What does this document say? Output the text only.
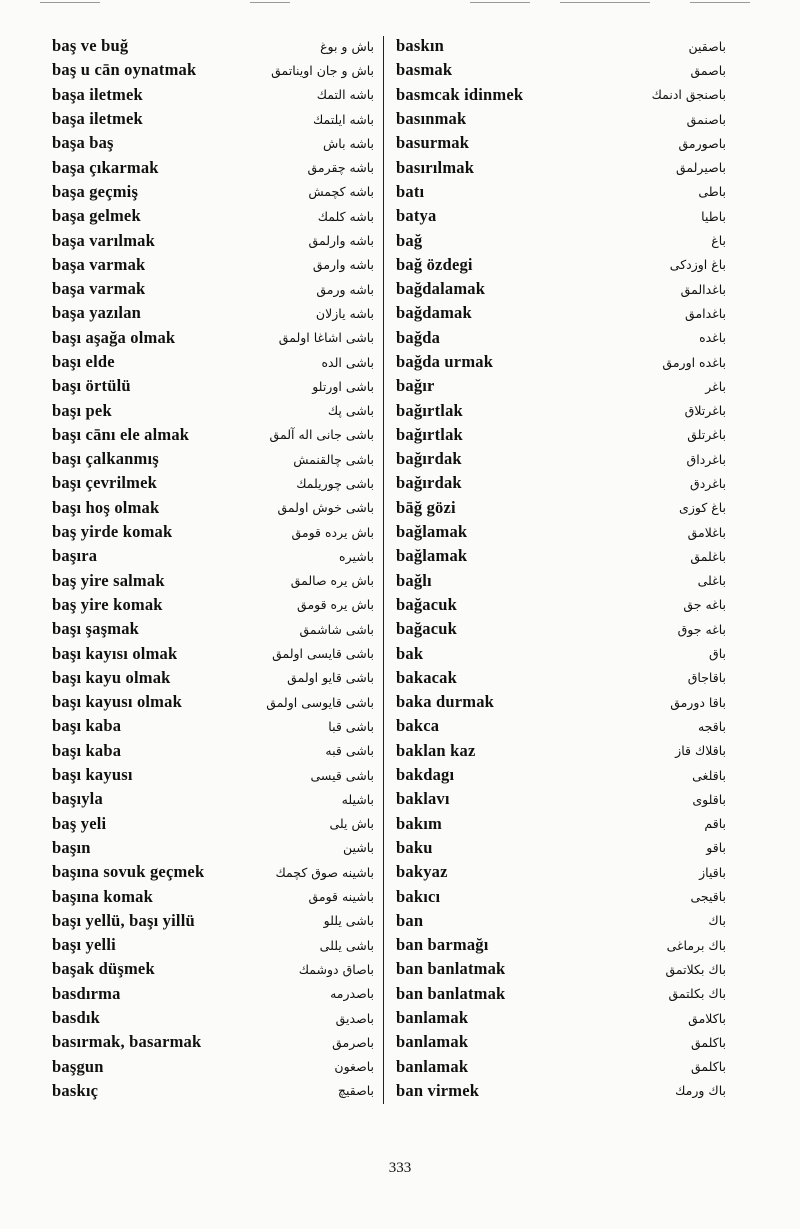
baş ve buğ	باش و بوغ
baş u cān oynatmak	باش و جان اويناتمق
başa iletmek	باشه التمك
başa iletmek	باشه ايلتمك
başa baş	باشه باش
başa çıkarmak	باشه چقرمق
başa geçmiş	باشه كچمش
başa gelmek	باشه كلمك
başa varılmak	باشه وارلمق
başa varmak	باشه وارمق
başa varmak	باشه ورمق
başa yazılan	باشه يازلان
başı aşağa olmak	باشى اشاغا اولمق
başı elde	باشى الده
başı örtülü	باشى اورتلو
başı pek	باشى پك
başı cānı ele almak	باشى جانى اله آلمق
başı çalkanmış	باشى چالقنمش
başı çevrilmek	باشى چوريلمك
başı hoş olmak	باشى خوش اولمق
baş yirde komak	باش يرده قومق
başıra	باشيره
baş yire salmak	باش يره صالمق
baş yire komak	باش يره قومق
başı şaşmak	باشى شاشمق
başı kayısı olmak	باشى قايسى اولمق
başı kayu olmak	باشى قايو اولمق
başı kayusı olmak	باشى قايوسى اولمق
başı kaba	باشى قبا
başı kaba	باشى قبه
başı kayusı	باشى قيسى
başıyla	باشيله
baş yeli	باش يلى
başın	باشين
başına sovuk geçmek	باشينه صوق كچمك
başına komak	باشينه قومق
başı yellü, başı yillü	باشى يللو
başı yelli	باشى يللى
başak düşmek	باصاق دوشمك
basdırma	باصدرمه
basdık	باصديق
basırmak, basarmak	باصرمق
başgun	باصغون
baskıç	باصقيچ
baskın	باصقين
basmak	باصمق
basmcak idinmek	باصنجق ادنمك
basınmak	باصنمق
basurmak	باصورمق
basırılmak	باصيرلمق
batı	باطى
batya	باطيا
bağ	باغ
bağ özdegi	باغ اوزدكى
bağdalamak	باغدالمق
bağdamak	باغدامق
bağda	باغده
bağda urmak	باغده اورمق
bağır	باغر
bağırtlak	باغرتلاق
bağırtlak	باغرتلق
bağırdak	باغرداق
bağırdak	باغردق
bāğ gözi	باغ كوزى
bağlamak	باغلامق
bağlamak	باغلمق
bağlı	باغلى
bağacuk	باغه جق
bağacuk	باغه جوق
bak	باق
bakacak	باقاجاق
baka durmak	باقا دورمق
bakca	باقجه
baklan kaz	باقلاك قاز
bakdagı	باقلغى
baklavı	باقلوى
bakım	باقم
baku	باقو
bakyaz	باقياز
bakıcı	باقيجى
ban	باك
ban barmağı	باك برماغى
ban banlatmak	باك بكلاتمق
ban banlatmak	باك بكلتمق
banlamak	باكلامق
banlamak	باكلمق
banlamak	باكلمق
ban virmek	باك ورمك
333
